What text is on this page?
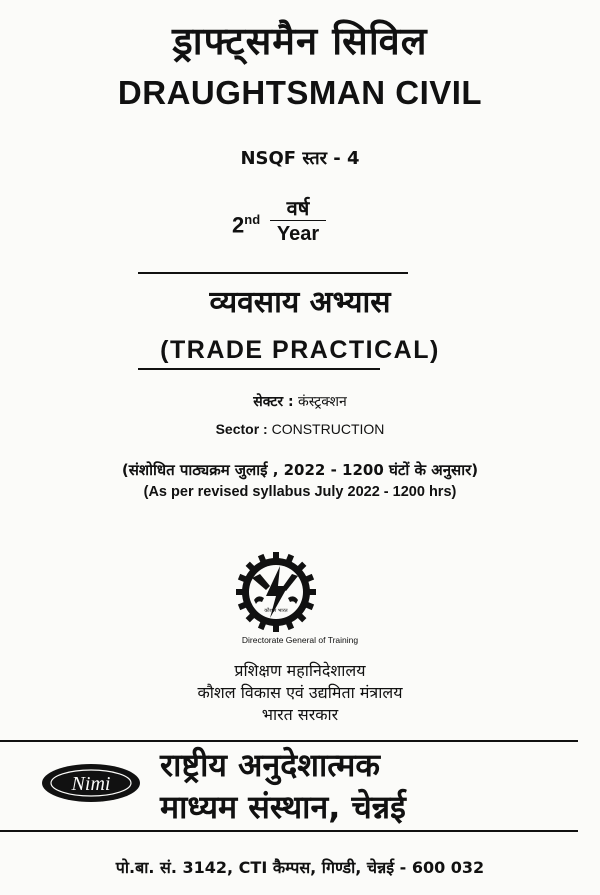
ड्राफ्ट्समैन सिविल
DRAUGHTSMAN CIVIL
NSQF स्तर - 4
2nd	वर्ष
Year
व्यवसाय अभ्यास
(TRADE PRACTICAL)
सेक्टर : कंस्ट्रक्शन
Sector : CONSTRUCTION
(संशोधित पाठ्यक्रम जुलाई , 2022 - 1200 घंटों के अनुसार)
(As per revised syllabus July 2022 - 1200 hrs)
कौशल भारत
Directorate General of Training
प्रशिक्षण महानिदेशालय
कौशल विकास एवं उद्यमिता मंत्रालय
भारत सरकार
Nimi राष्ट्रीय अनुदेशात्मक
माध्यम संस्थान, चेन्नई
पो.बा. सं. 3142, CTI कैम्पस, गिण्डी, चेन्नई - 600 032
